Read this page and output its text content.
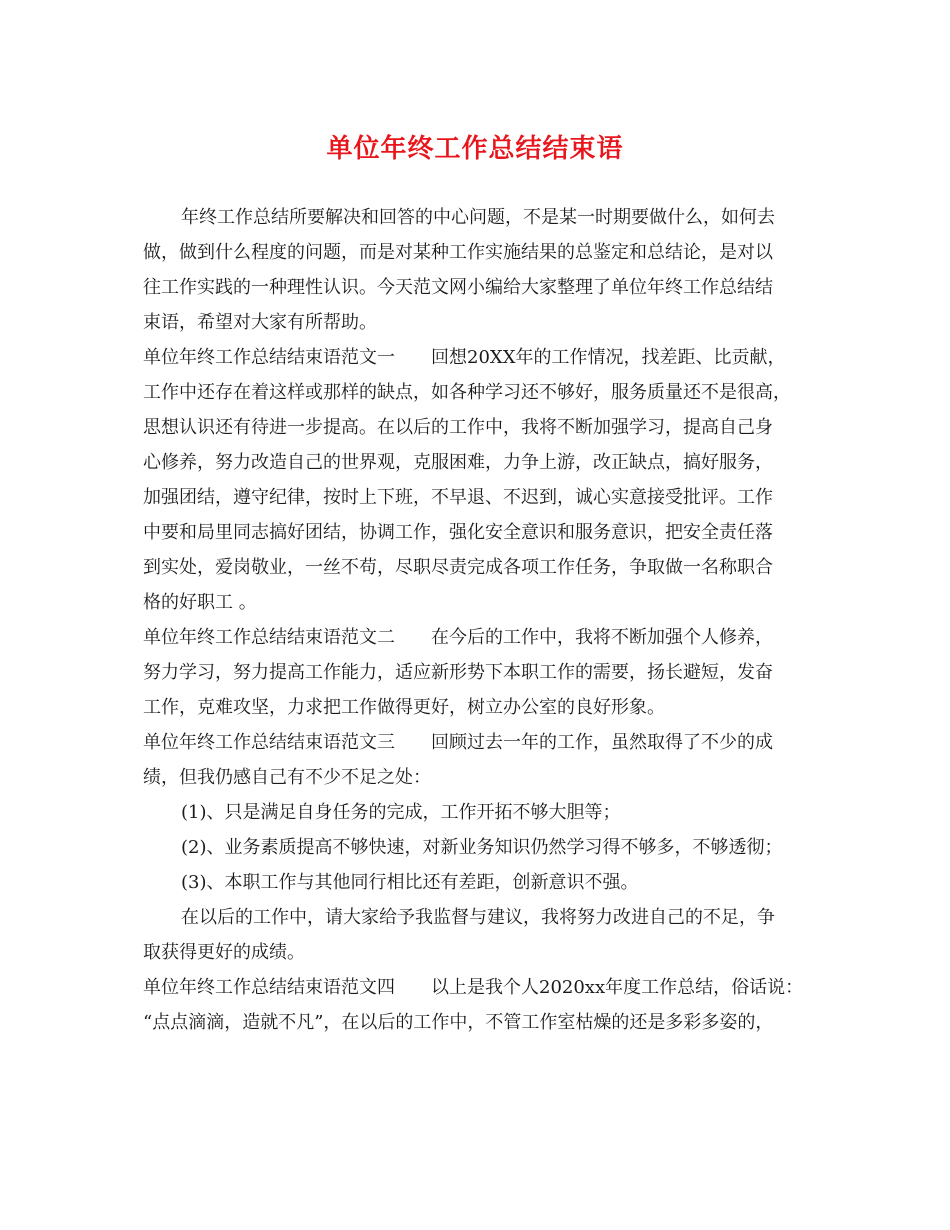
单位年终工作总结结束语
年终工作总结所要解决和回答的中心问题，不是某一时期要做什么，如何去
做，做到什么程度的问题，而是对某种工作实施结果的总鉴定和总结论，是对以
往工作实践的一种理性认识。今天范文网小编给大家整理了单位年终工作总结结
束语，希望对大家有所帮助。
单位年终工作总结结束语范文一 回想20XX年的工作情况，找差距、比贡献，
工作中还存在着这样或那样的缺点，如各种学习还不够好，服务质量还不是很高，
思想认识还有待进一步提高。在以后的工作中，我将不断加强学习，提高自己身
心修养，努力改造自己的世界观，克服困难，力争上游，改正缺点，搞好服务，
加强团结，遵守纪律，按时上下班，不早退、不迟到，诚心实意接受批评。工作
中要和局里同志搞好团结，协调工作，强化安全意识和服务意识，把安全责任落
到实处，爱岗敬业，一丝不苟，尽职尽责完成各项工作任务，争取做一名称职合
格的好职工 。
单位年终工作总结结束语范文二 在今后的工作中，我将不断加强个人修养，
努力学习，努力提高工作能力，适应新形势下本职工作的需要，扬长避短，发奋
工作，克难攻坚，力求把工作做得更好，树立办公室的良好形象。
单位年终工作总结结束语范文三 回顾过去一年的工作，虽然取得了不少的成
绩，但我仍感自己有不少不足之处：
(1)、只是满足自身任务的完成，工作开拓不够大胆等；
(2)、业务素质提高不够快速，对新业务知识仍然学习得不够多，不够透彻；
(3)、本职工作与其他同行相比还有差距，创新意识不强。
在以后的工作中，请大家给予我监督与建议，我将努力改进自己的不足，争
取获得更好的成绩。
单位年终工作总结结束语范文四 以上是我个人2020xx年度工作总结，俗话说：
“点点滴滴，造就不凡”，在以后的工作中，不管工作室枯燥的还是多彩多姿的，
